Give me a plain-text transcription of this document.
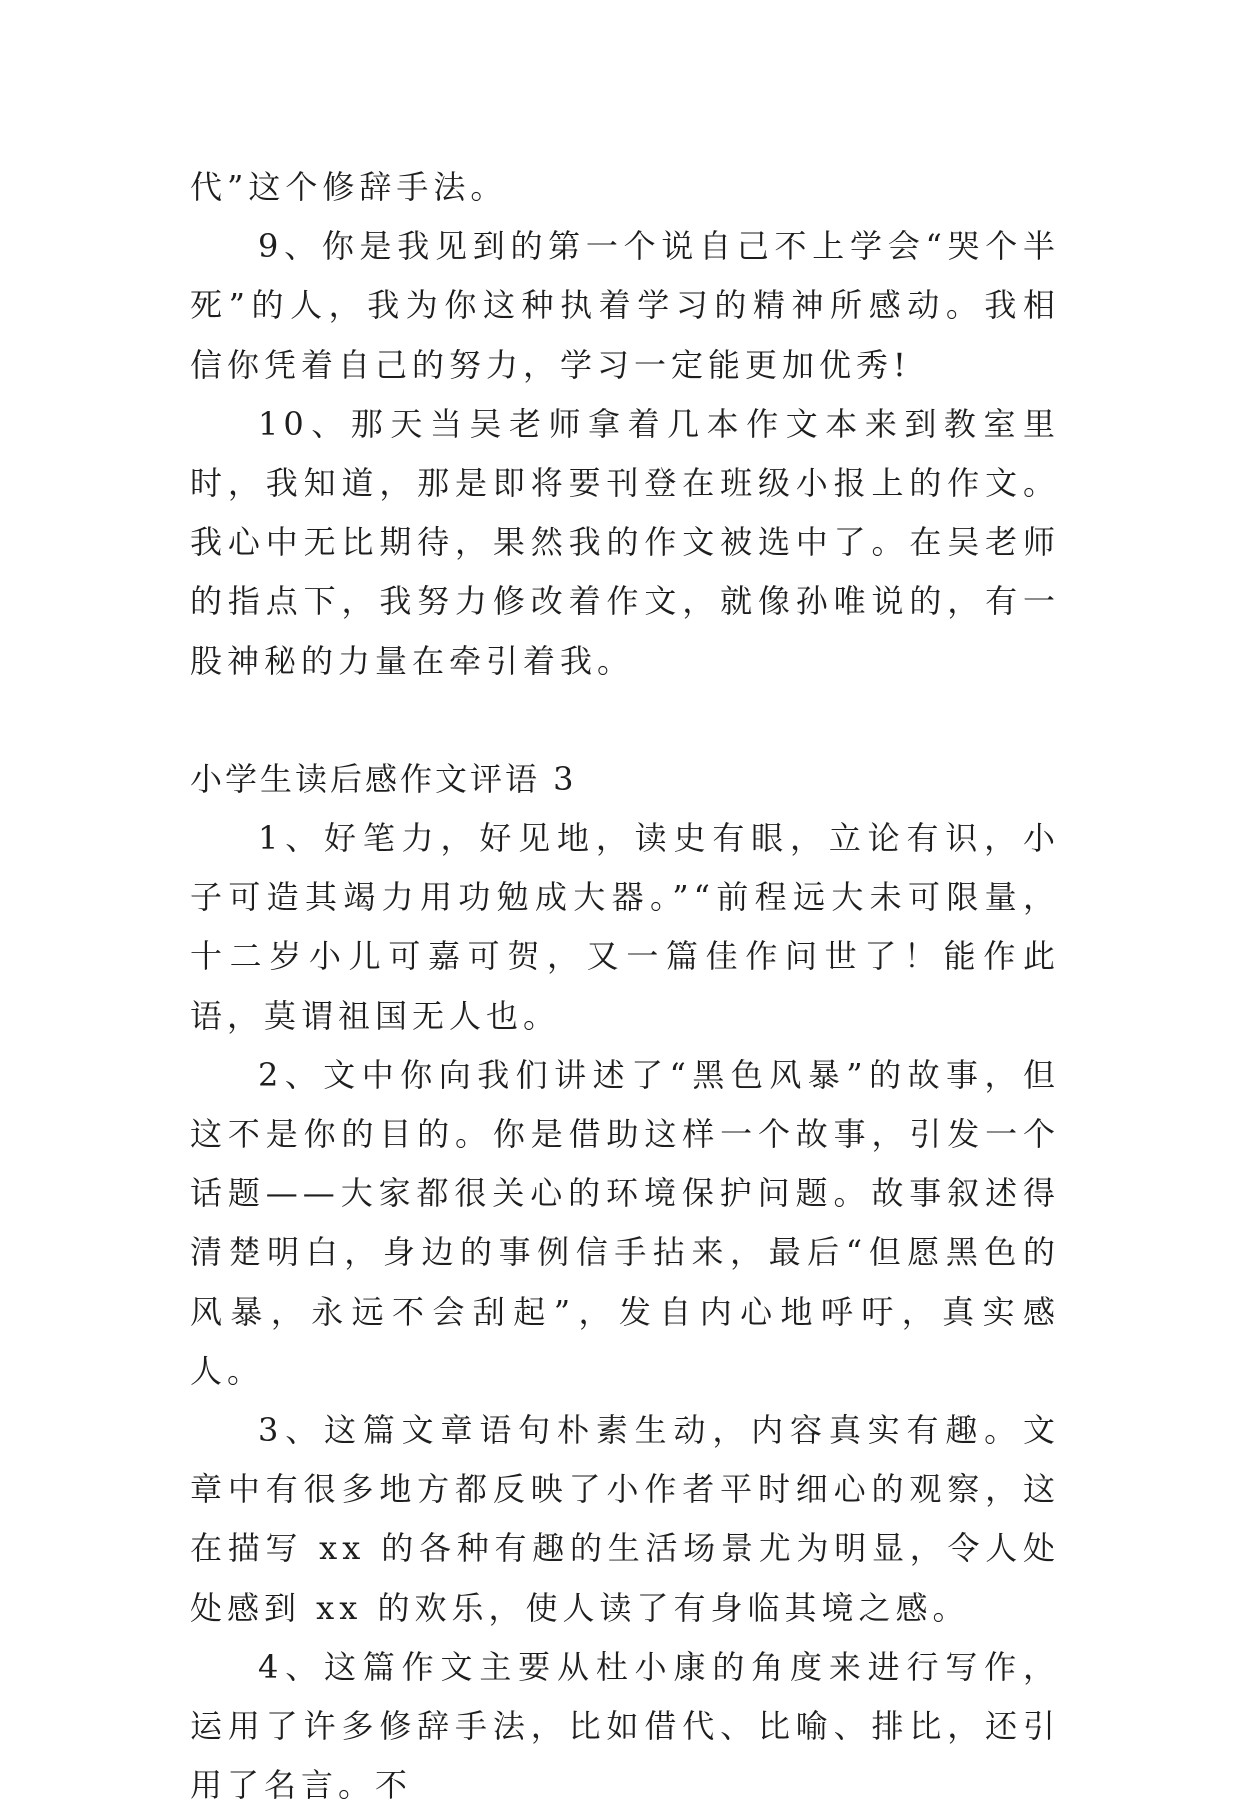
代”这个修辞手法。

9、你是我见到的第一个说自己不上学会“哭个半死”的人，我为你这种执着学习的精神所感动。我相信你凭着自己的努力，学习一定能更加优秀!

10、那天当吴老师拿着几本作文本来到教室里时，我知道，那是即将要刊登在班级小报上的作文。我心中无比期待，果然我的作文被选中了。在吴老师的指点下，我努力修改着作文，就像孙唯说的，有一股神秘的力量在牵引着我。

小学生读后感作文评语 3

1、好笔力，好见地，读史有眼，立论有识，小子可造其竭力用功勉成大器。”“前程远大未可限量，十二岁小儿可嘉可贺，又一篇佳作问世了！能作此语，莫谓祖国无人也。

2、文中你向我们讲述了“黑色风暴”的故事，但这不是你的目的。你是借助这样一个故事，引发一个话题——大家都很关心的环境保护问题。故事叙述得清楚明白，身边的事例信手拈来，最后“但愿黑色的风暴，永远不会刮起”，发自内心地呼吁，真实感人。

3、这篇文章语句朴素生动，内容真实有趣。文章中有很多地方都反映了小作者平时细心的观察，这在描写 xx 的各种有趣的生活场景尤为明显，令人处处感到 xx 的欢乐，使人读了有身临其境之感。

4、这篇作文主要从杜小康的角度来进行写作，运用了许多修辞手法，比如借代、比喻、排比，还引用了名言。不
